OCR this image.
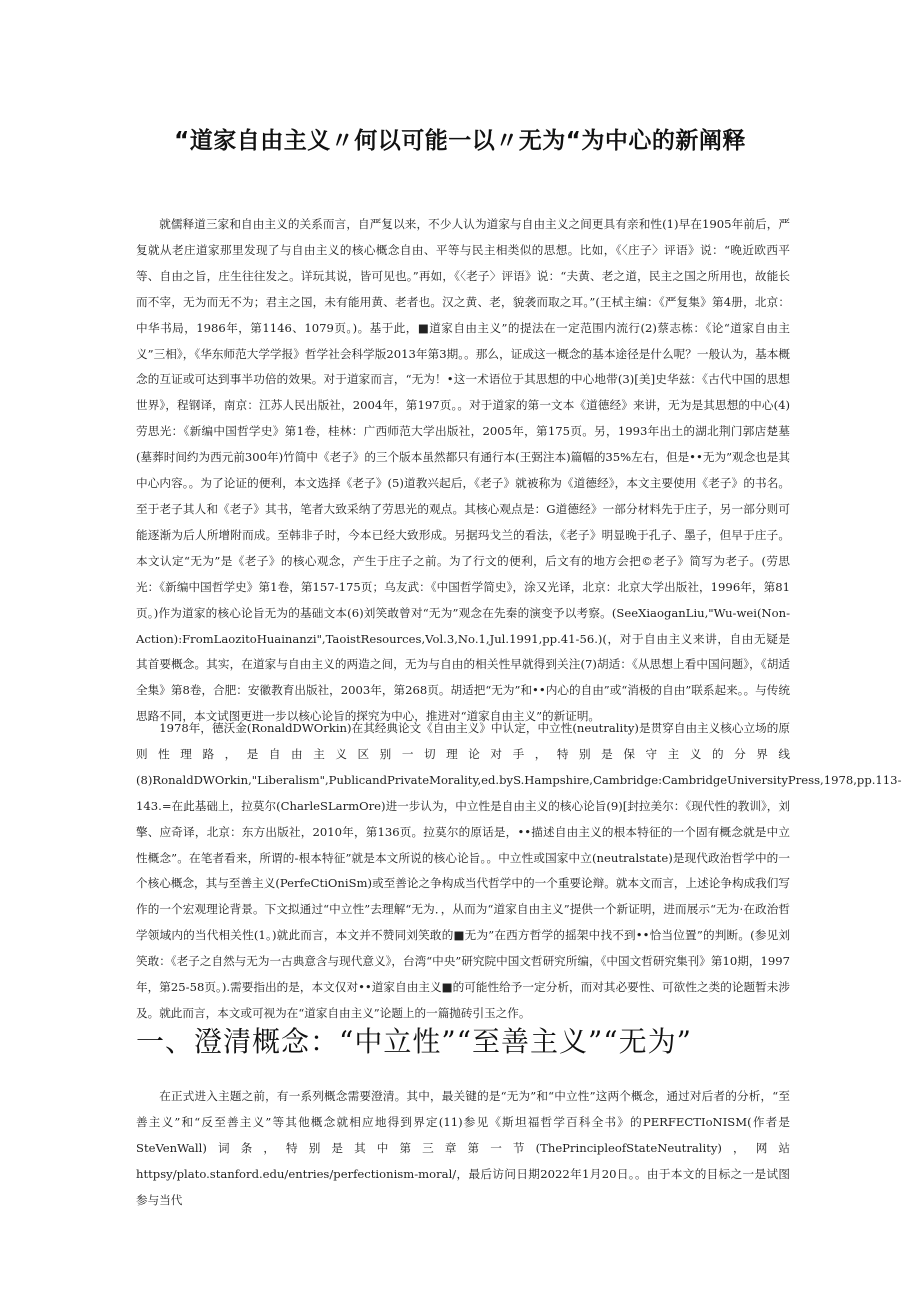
“道家自由主义〃何以可能一以〃无为“为中心的新阐释

就儒释道三家和自由主义的关系而言，自严复以来，不少人认为道家与自由主义之间更具有亲和性(1)早在1905年前后，严复就从老庄道家那里发现了与自由主义的核心概念自由、平等与民主相类似的思想。比如，《〈庄子〉评语》说：“晚近欧西平等、自由之旨，庄生往往发之。详玩其说，皆可见也。”再如，《〈老子〉评语》说：“夫黄、老之道，民主之国之所用也，故能长而不宰，无为而无不为；君主之国，未有能用黄、老者也。汉之黄、老，貌袭而取之耳。”(王栻主编：《严复集》第4册，北京：中华书局，1986年，第1146、1079页。)。基于此，■道家自由主义”的提法在一定范围内流行(2)蔡志栋：《论“道家自由主义”三相》，《华东师范大学学报》哲学社会科学版2013年第3期。。那么，证成这一概念的基本途径是什么呢？一般认为，基本概念的互证或可达到事半功倍的效果。对于道家而言，“无为！•这一术语位于其思想的中心地带(3)[美]史华兹：《古代中国的思想世界》，程钢译，南京：江苏人民出版社，2004年，第197页。。对于道家的第一文本《道德经》来讲，无为是其思想的中心(4)劳思光：《新编中国哲学史》第1卷，桂林：广西师范大学出版社，2005年，第175页。另，1993年出土的湖北荆门郭店楚墓(墓葬时间约为西元前300年)竹简中《老子》的三个版本虽然都只有通行本(王弼注本)篇幅的35%左右，但是••无为”观念也是其中心内容。。为了论证的便利，本文选择《老子》(5)道教兴起后，《老子》就被称为《道德经》，本文主要使用《老子》的书名。至于老子其人和《老子》其书，笔者大致采纳了劳思光的观点。其核心观点是：G道德经》一部分材料先于庄子，另一部分则可能逐渐为后人所增附而成。至韩非子时，今本已经大致形成。另据玛戈兰的看法，《老子》明显晚于孔子、墨子，但早于庄子。本文认定“无为”是《老子》的核心观念，产生于庄子之前。为了行文的便利，后文有的地方会把©老子》简写为老子。(劳思光：《新编中国哲学史》第1卷，第157-175页；乌友武：《中国哲学简史》，涂又光译，北京：北京大学出版社，1996年，第81页。)作为道家的核心论旨无为的基础文本(6)刘笑敢曾对“无为”观念在先秦的演变予以考察。(SeeXiaoganLiu,"Wu-wei(Non-Action):FromLaozitoHuainanzi",TaoistResources,Vol.3,No.1,Jul.1991,pp.41-56.)(，对于自由主义来讲，自由无疑是其首要概念。其实，在道家与自由主义的两造之间，无为与自由的相关性早就得到关注(7)胡适：《从思想上看中国问题》，《胡适全集》第8卷，合肥：安徽教育出版社，2003年，第268页。胡适把“无为”和••内心的自由”或“消极的自由”联系起来。。与传统思路不同，本文试图更进一步以核心论旨的探究为中心，推进对“道家自由主义”的新证明。

1978年，德沃金(RonaldDWOrkin)在其经典论文《自由主义》中认定，中立性(neutrality)是贯穿自由主义核心立场的原则性理路，是自由主义区别一切理论对手，特别是保守主义的分界线(8)RonaldDWOrkin,"Liberalism",PublicandPrivateMorality,ed.byS.Hampshire,Cambridge:CambridgeUniversityPress,1978,pp.113-143.=在此基础上，拉莫尔(CharleSLarmOre)进一步认为，中立性是自由主义的核心论旨(9)[封拉美尔：《现代性的教训》，刘擎、应奇译，北京：东方出版社，2010年，第136页。拉莫尔的原话是，••描述自由主义的根本特征的一个固有概念就是中立性概念”。在笔者看来，所谓的-根本特征”就是本文所说的核心论旨。。中立性或国家中立(neutralstate)是现代政治哲学中的一个核心概念，其与至善主义(PerfeCtiOniSm)或至善论之争构成当代哲学中的一个重要论辩。就本文而言，上述论争构成我们写作的一个宏观理论背景。下文拟通过“中立性”去理解“无为．，从而为“道家自由主义”提供一个新证明，进而展示“无为·在政治哲学领域内的当代相关性(1。)就此而言，本文并不赞同刘笑敢的■无为”在西方哲学的摇架中找不到••恰当位置”的判断。(参见刘笑敢：《老子之自然与无为一古典意含与现代意义》，台湾“中央”研究院中国文哲研究所编，《中国文哲研究集刊》第10期，1997年，第25-58页。).需要指出的是，本文仅对••道家自由主义■的可能性给予一定分析，而对其必要性、可欲性之类的论题暂未涉及。就此而言，本文或可视为在“道家自由主义”论题上的一篇抛砖引玉之作。

一、澄清概念：“中立性”“至善主义”“无为”

在正式进入主题之前，有一系列概念需要澄清。其中，最关键的是“无为”和“中立性”这两个概念，通过对后者的分析，“至善主义”和“反至善主义”等其他概念就相应地得到界定(11)参见《斯坦福哲学百科全书》的PERFECTIoNISM(作者是SteVenWall)词条，特别是其中第三章第一节(ThePrincipleofStateNeutrality)，网站httpsy/plato.stanford.edu/entries/perfectionism-moral/，最后访问日期2022年1月20日。。由于本文的目标之一是试图参与当代
